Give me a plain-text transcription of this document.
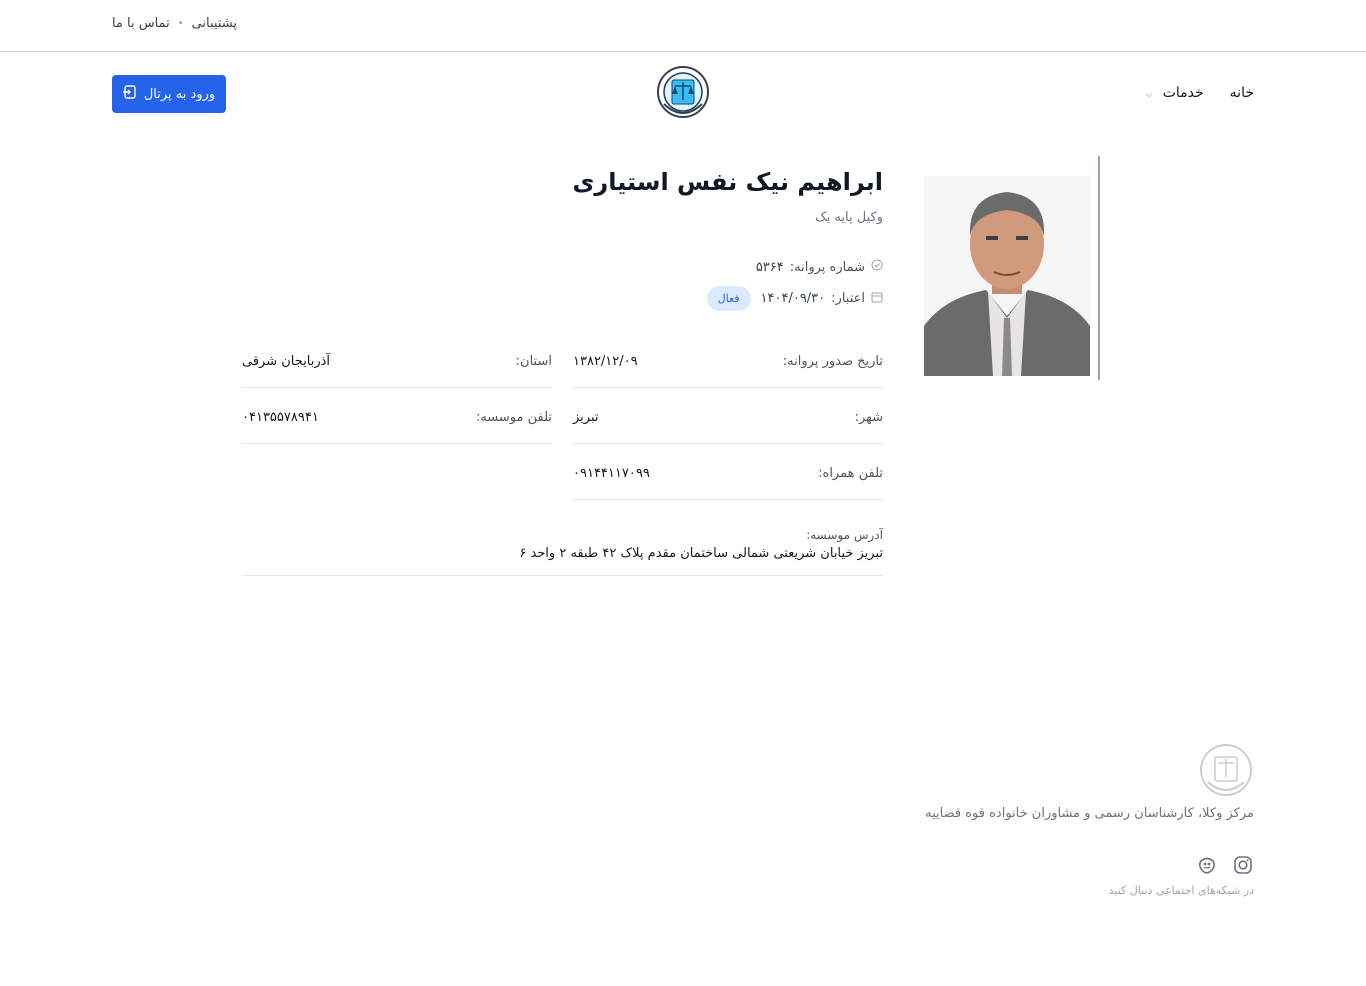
پشتیبانی
•
تماس با ما
خانه
خدمات ⌵
ورود به پرتال
ابراهیم نیک نفس استیاری
وکیل پایه یک
شماره پروانه:
۵۳۶۴
اعتبار:
۱۴۰۴/۰۹/۳۰
فعال
تاریخ صدور پروانه:
۱۳۸۲/۱۲/۰۹
استان:
آذربایجان شرقی
شهر:
تبریز
تلفن موسسه:
۰۴۱۳۵۵۷۸۹۴۱
تلفن همراه:
۰۹۱۴۴۱۱۷۰۹۹
آدرس موسسه:
تبریز خیابان شریعتی شمالی ساختمان مقدم پلاک ۴۲ طبقه ۲ واحد ۶
مرکز وکلا، کارشناسان رسمی و مشاوران خانواده قوه قضاییه
در شبکه‌های اجتماعی دنبال کنید
